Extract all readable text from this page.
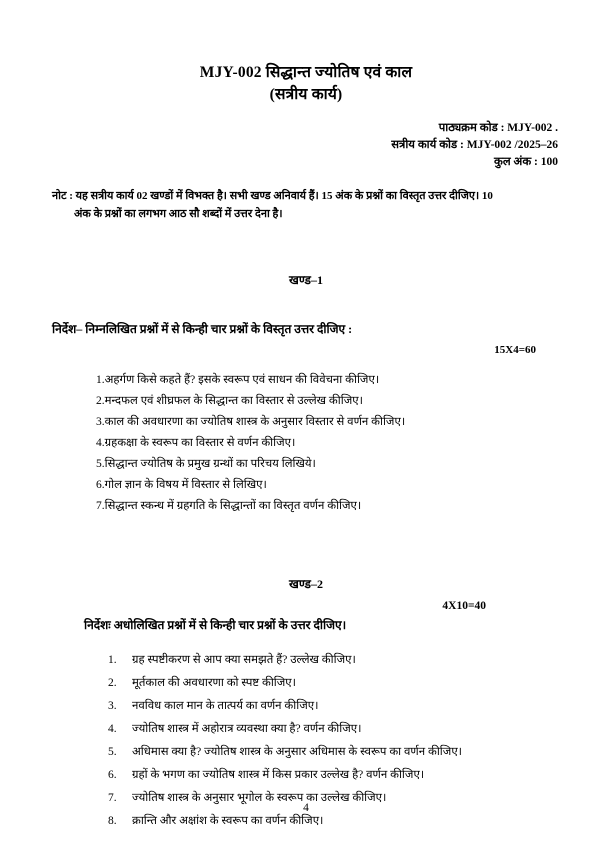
MJY-002 सिद्धान्त ज्योतिष एवं काल
(सत्रीय कार्य)
पाठ्यक्रम कोड : MJY-002 .
सत्रीय कार्य कोड : MJY-002 /2025–26
कुल अंक : 100
नोट : यह सत्रीय कार्य 02 खण्डों में विभक्त है। सभी खण्ड अनिवार्य हैं। 15 अंक के प्रश्नों का विस्तृत उत्तर दीजिए। 10
अंक के प्रश्नों का लगभग आठ सौ शब्दों में उत्तर देना है।
खण्ड–1
निर्देश– निम्नलिखित प्रश्नों में से किन्ही चार प्रश्नों के विस्तृत उत्तर दीजिए :
15X4=60
1.अहर्गण किसे कहते हैं? इसके स्वरूप एवं साधन की विवेचना कीजिए।
2.मन्दफल एवं शीघ्रफल के सिद्धान्त का विस्तार से उल्लेख कीजिए।
3.काल की अवधारणा का ज्योतिष शास्त्र के अनुसार विस्तार से वर्णन कीजिए।
4.ग्रहकक्षा के स्वरूप का विस्तार से वर्णन कीजिए।
5.सिद्धान्त ज्योतिष के प्रमुख ग्रन्थों का परिचय लिखिये।
6.गोल ज्ञान के विषय में विस्तार से लिखिए।
7.सिद्धान्त स्कन्ध में ग्रहगति के सिद्धान्तों का विस्तृत वर्णन कीजिए।
खण्ड–2
4X10=40
निर्देशः अधोलिखित प्रश्नों में से किन्ही चार प्रश्नों के उत्तर दीजिए।
1.	ग्रह स्पष्टीकरण से आप क्या समझते हैं? उल्लेख कीजिए।
2.	मूर्तकाल की अवधारणा को स्पष्ट कीजिए।
3.	नवविध काल मान के तात्पर्य का वर्णन कीजिए।
4.	ज्योतिष शास्त्र में अहोरात्र व्यवस्था क्या है? वर्णन कीजिए।
5.	अधिमास क्या है? ज्योतिष शास्त्र के अनुसार अधिमास के स्वरूप का वर्णन कीजिए।
6.	ग्रहों के भगण का ज्योतिष शास्त्र में किस प्रकार उल्लेख है? वर्णन कीजिए।
7.	ज्योतिष शास्त्र के अनुसार भूगोल के स्वरूप का उल्लेख कीजिए।
8.	क्रान्ति और अक्षांश के स्वरूप का वर्णन कीजिए।
4
